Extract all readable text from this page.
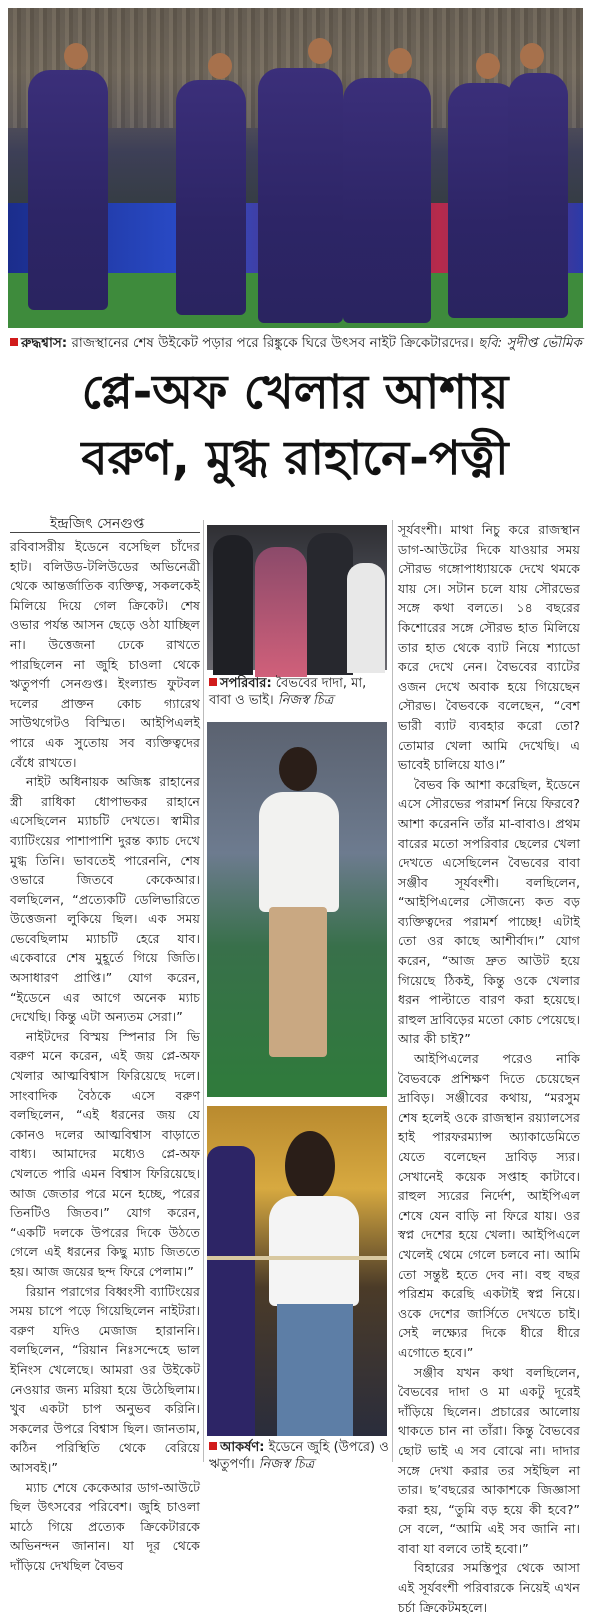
রুদ্ধশ্বাস: রাজস্থানের শেষ উইকেট পড়ার পরে রিঙ্কুকে ঘিরে উৎসব নাইট ক্রিকেটারদের। ছবি: সুদীপ্ত ভৌমিক
প্লে-অফ খেলার আশায়
বরুণ, মুগ্ধ রাহানে-পত্নী
ইন্দ্রজিৎ সেনগুপ্ত

রবিবাসরীয় ইডেনে বসেছিল চাঁদের হাট। বলিউড-টলিউডের অভিনেত্রী থেকে আন্তর্জাতিক ব্যক্তিত্ব, সকলকেই মিলিয়ে দিয়ে গেল ক্রিকেট। শেষ ওভার পর্যন্ত আসন ছেড়ে ওঠা যাচ্ছিল না। উত্তেজনা ঢেকে রাখতে পারছিলেন না জুহি চাওলা থেকে ঋতুপর্ণা সেনগুপ্ত। ইংল্যান্ড ফুটবল দলের প্রাক্তন কোচ গ্যারেথ সাউথগেটও বিস্মিত। আইপিএলই পারে এক সুতোয় সব ব্যক্তিত্বদের বেঁধে রাখতে।

নাইট অধিনায়ক অজিঙ্ক রাহানের স্ত্রী রাধিকা ধোপাভকর রাহানে এসেছিলেন ম্যাচটি দেখতে। স্বামীর ব্যাটিংয়ের পাশাপাশি দুরন্ত ক্যাচ দেখে মুগ্ধ তিনি। ভাবতেই পারেননি, শেষ ওভারে জিতবে কেকেআর। বলছিলেন, “প্রত্যেকটি ডেলিভারিতে উত্তেজনা লুকিয়ে ছিল। এক সময় ভেবেছিলাম ম্যাচটি হেরে যাব। একেবারে শেষ মুহূর্তে গিয়ে জিতি। অসাধারণ প্রাপ্তি।” যোগ করেন, “ইডেনে এর আগে অনেক ম্যাচ দেখেছি। কিন্তু এটা অন্যতম সেরা।”

নাইটদের বিস্ময় স্পিনার সি ভি বরুণ মনে করেন, এই জয় প্লে-অফ খেলার আত্মবিশ্বাস ফিরিয়েছে দলে। সাংবাদিক বৈঠকে এসে বরুণ বলছিলেন, “এই ধরনের জয় যে কোনও দলের আত্মবিশ্বাস বাড়াতে বাধ্য। আমাদের মধ্যেও প্লে-অফ খেলতে পারি এমন বিশ্বাস ফিরিয়েছে। আজ জেতার পরে মনে হচ্ছে, পরের তিনটিও জিতব।” যোগ করেন, “একটি দলকে উপরের দিকে উঠতে গেলে এই ধরনের কিছু ম্যাচ জিততে হয়। আজ জয়ের ছন্দ ফিরে পেলাম।”

রিয়ান পরাগের বিধ্বংসী ব্যাটিংয়ের সময় চাপে পড়ে গিয়েছিলেন নাইটরা। বরুণ যদিও মেজাজ হারাননি। বলছিলেন, “রিয়ান নিঃসন্দেহে ভাল ইনিংস খেলেছে। আমরা ওর উইকেট নেওয়ার জন্য মরিয়া হয়ে উঠেছিলাম। খুব একটা চাপ অনুভব করিনি। সকলের উপরে বিশ্বাস ছিল। জানতাম, কঠিন পরিস্থিতি থেকে বেরিয়ে আসবই।”

ম্যাচ শেষে কেকেআর ডাগ-আউটে ছিল উৎসবের পরিবেশ। জুহি চাওলা মাঠে গিয়ে প্রত্যেক ক্রিকেটারকে অভিনন্দন জানান। যা দূর থেকে দাঁড়িয়ে দেখছিল বৈভব

সপরিবার: বৈভবের দাদা, মা, বাবা ও ভাই। নিজস্ব চিত্র
আকর্ষণ: ইডেনে জুহি (উপরে) ও ঋতুপর্ণা। নিজস্ব চিত্র

সূর্যবংশী। মাথা নিচু করে রাজস্থান ডাগ-আউটের দিকে যাওয়ার সময় সৌরভ গঙ্গোপাধ্যায়কে দেখে থমকে যায় সে। সটান চলে যায় সৌরভের সঙ্গে কথা বলতে। ১৪ বছরের কিশোরের সঙ্গে সৌরভ হাত মিলিয়ে তার হাত থেকে ব্যাট নিয়ে শ্যাডো করে দেখে নেন। বৈভবের ব্যাটের ওজন দেখে অবাক হয়ে গিয়েছেন সৌরভ। বৈভবকে বলেছেন, “বেশ ভারী ব্যাট ব্যবহার করো তো? তোমার খেলা আমি দেখেছি। এ ভাবেই চালিয়ে যাও।”

বৈভব কি আশা করেছিল, ইডেনে এসে সৌরভের পরামর্শ নিয়ে ফিরবে? আশা করেননি তাঁর মা-বাবাও। প্রথম বারের মতো সপরিবার ছেলের খেলা দেখতে এসেছিলেন বৈভবের বাবা সঞ্জীব সূর্যবংশী। বলছিলেন, “আইপিএলের সৌজন্যে কত বড় ব্যক্তিত্বদের পরামর্শ পাচ্ছে! এটাই তো ওর কাছে আশীর্বাদ।” যোগ করেন, “আজ দ্রুত আউট হয়ে গিয়েছে ঠিকই, কিন্তু ওকে খেলার ধরন পাল্টাতে বারণ করা হয়েছে। রাহুল দ্রাবিড়ের মতো কোচ পেয়েছে। আর কী চাই?”

আইপিএলের পরেও নাকি বৈভবকে প্রশিক্ষণ দিতে চেয়েছেন দ্রাবিড়। সঞ্জীবের কথায়, “মরসুম শেষ হলেই ওকে রাজস্থান রয়্যালসের হাই পারফরম্যান্স অ্যাকাডেমিতে যেতে বলেছেন দ্রাবিড় স্যর। সেখানেই কয়েক সপ্তাহ কাটাবে। রাহুল স্যরের নির্দেশ, আইপিএল শেষে যেন বাড়ি না ফিরে যায়। ওর স্বপ্ন দেশের হয়ে খেলা। আইপিএলে খেলেই থেমে গেলে চলবে না। আমি তো সন্তুষ্ট হতে দেব না। বহু বছর পরিশ্রম করেছি একটাই স্বপ্ন নিয়ে। ওকে দেশের জার্সিতে দেখতে চাই। সেই লক্ষ্যের দিকে ধীরে ধীরে এগোতে হবে।”

সঞ্জীব যখন কথা বলছিলেন, বৈভবের দাদা ও মা একটু দূরেই দাঁড়িয়ে ছিলেন। প্রচারের আলোয় থাকতে চান না তাঁরা। কিন্তু বৈভবের ছোট ভাই এ সব বোঝে না। দাদার সঙ্গে দেখা করার তর সইছিল না তার। ছ’বছরের আকাশকে জিজ্ঞাসা করা হয়, “তুমি বড় হয়ে কী হবে?” সে বলে, “আমি এই সব জানি না। বাবা যা বলবে তাই হবো।”

বিহারের সমস্তিপুর থেকে আসা এই সূর্যবংশী পরিবারকে নিয়েই এখন চর্চা ক্রিকেটমহলে।
